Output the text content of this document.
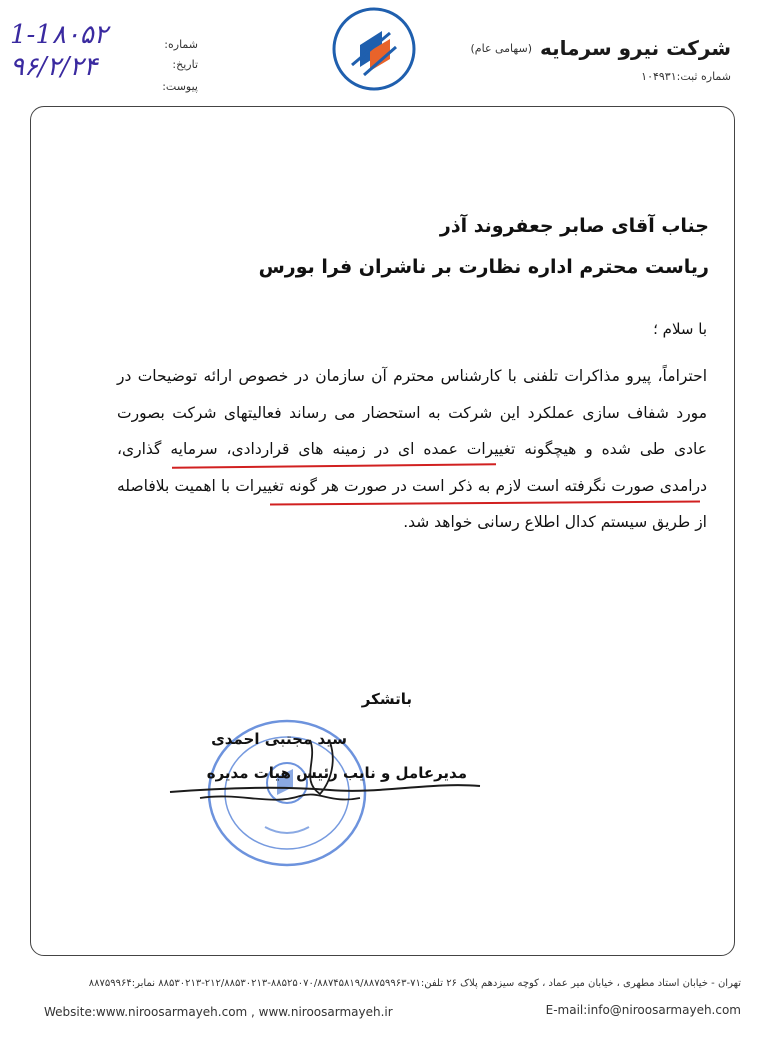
شرکت نیرو سرمایه
(سهامی عام)
شماره ثبت:۱۰۴۹۳۱
شماره:
تاریخ:
پیوست:
1-1۸۰۵۲
۹۶/۲/۲۴
جناب آقای صابر جعفروند آذر
ریاست محترم اداره نظارت بر ناشران فرا بورس
با سلام ؛
احتراماً، پیرو مذاکرات تلفنی با کارشناس محترم آن سازمان در خصوص ارائه توضیحات در مورد شفاف سازی عملکرد این شرکت به استحضار می رساند فعالیتهای شرکت بصورت عادی طی شده و هیچگونه تغییرات عمده ای در زمینه های قراردادی، سرمایه گذاری، درامدی صورت نگرفته است لازم به ذکر است در صورت هر گونه تغییرات با اهمیت بلافاصله از طریق سیستم کدال اطلاع رسانی خواهد شد.
باتشکر
سید مجتبی احمدی
مدیرعامل و نایب رئیس هیات مدیره
تهران - خیابان استاد مطهری ، خیابان میر عماد ، کوچه سیزدهم پلاک ۲۶ تلفن:۷۱-۸۸۵۲۵۰۷۰/۸۸۷۴۵۸۱۹/۸۸۷۵۹۹۶۳-۲۱۲/۸۸۵۳۰۲۱۳-۸۸۵۳۰۲۱۳ نمابر:۸۸۷۵۹۹۶۴
E-mail:info@niroosarmayeh.com
Website:www.niroosarmayeh.com , www.niroosarmayeh.ir
